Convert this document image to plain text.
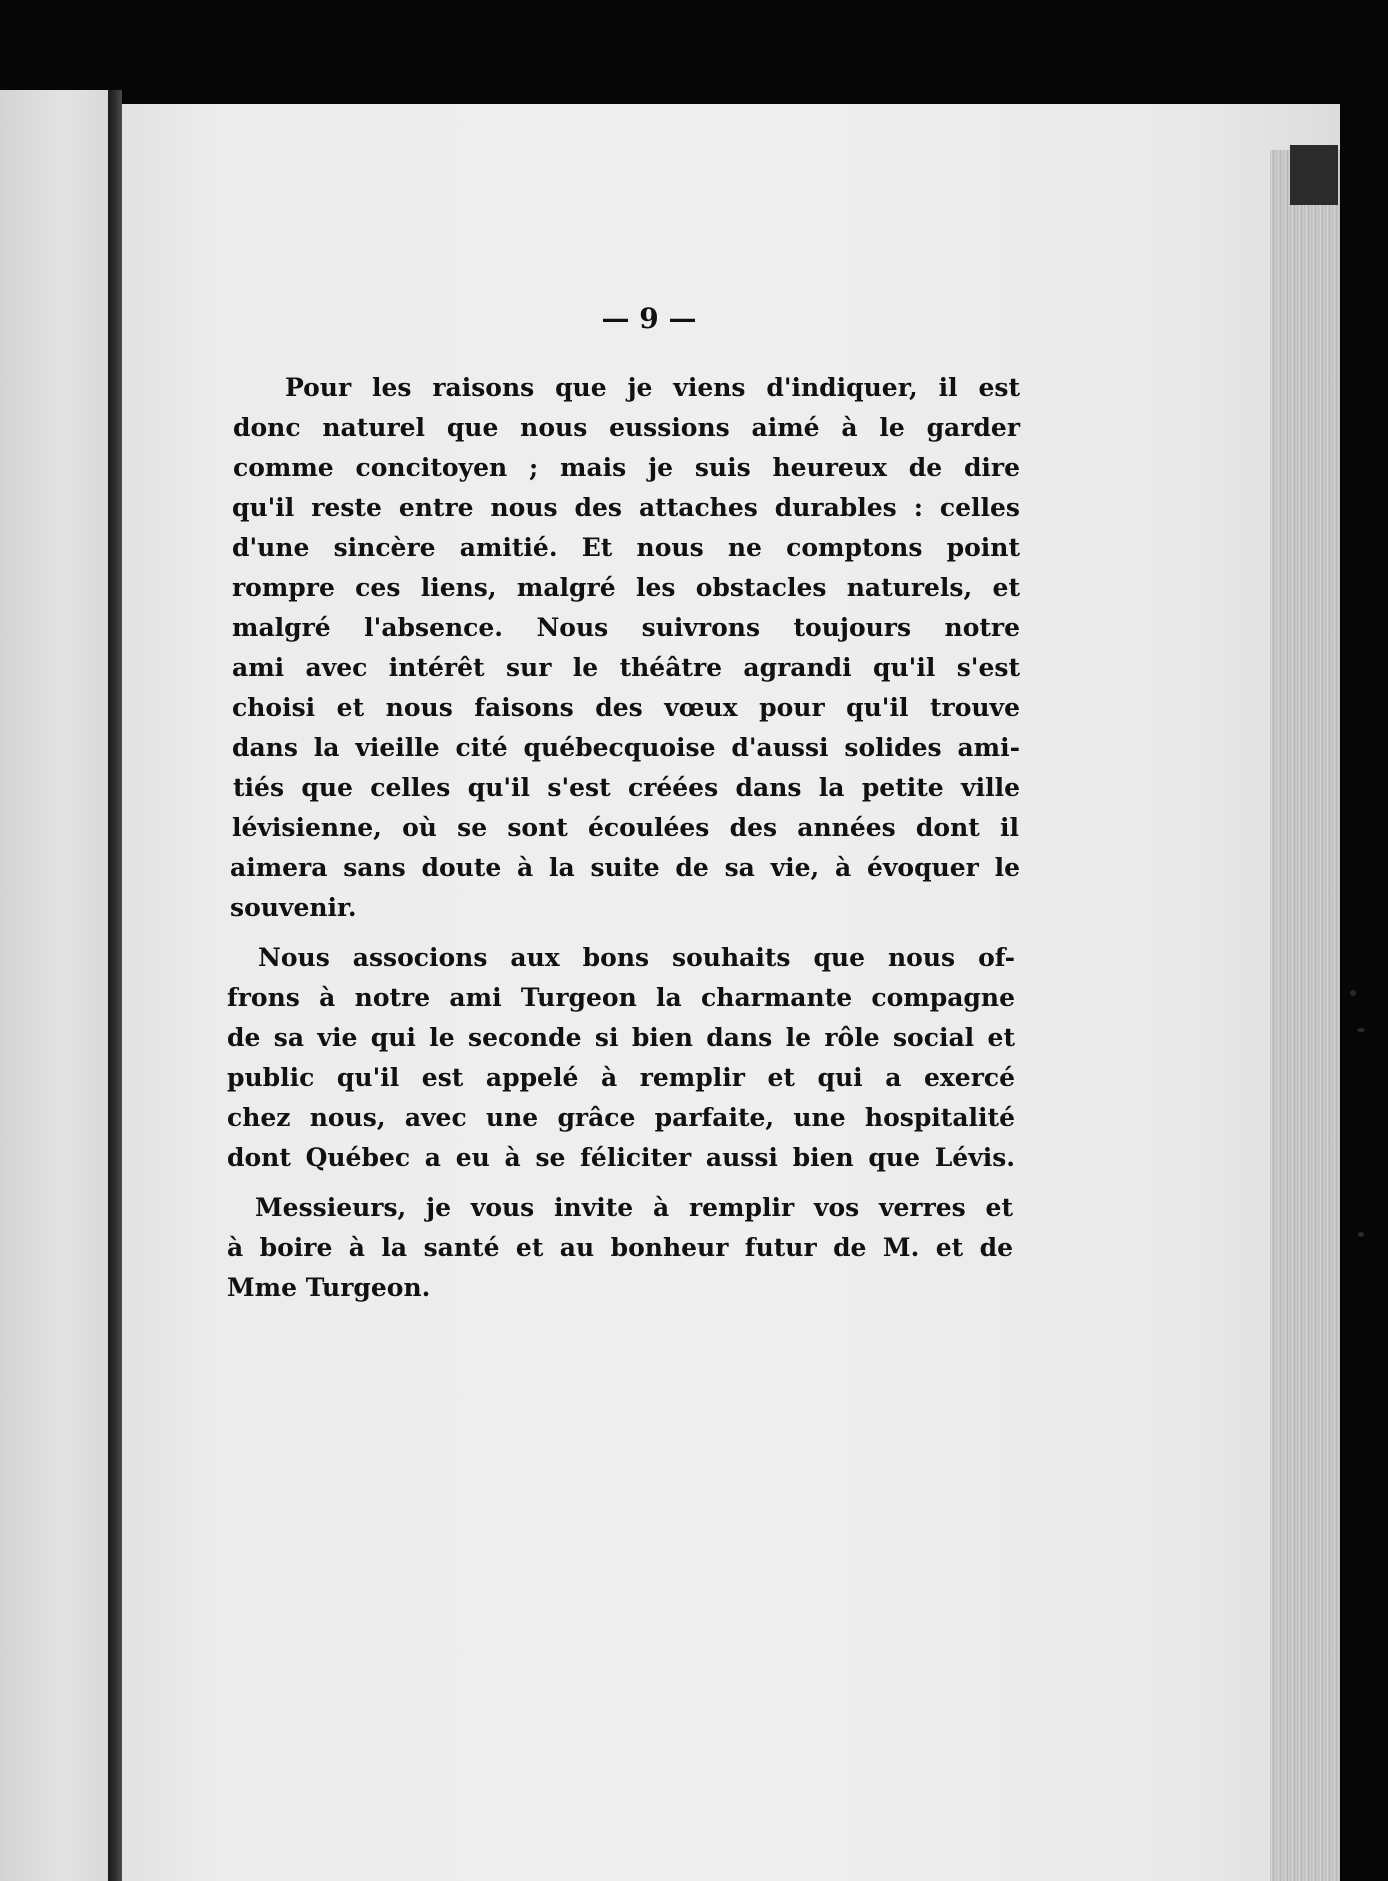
— 9 —
Pour les raisons que je viens d'indiquer, il est
donc naturel que nous eussions aimé à le garder
comme concitoyen ; mais je suis heureux de dire
qu'il reste entre nous des attaches durables : celles
d'une sincère amitié. Et nous ne comptons point
rompre ces liens, malgré les obstacles naturels, et
malgré l'absence. Nous suivrons toujours notre
ami avec intérêt sur le théâtre agrandi qu'il s'est
choisi et nous faisons des vœux pour qu'il trouve
dans la vieille cité québecquoise d'aussi solides ami-
tiés que celles qu'il s'est créées dans la petite ville
lévisienne, où se sont écoulées des années dont il
aimera sans doute à la suite de sa vie, à évoquer le
souvenir.
Nous associons aux bons souhaits que nous of-
frons à notre ami Turgeon la charmante compagne
de sa vie qui le seconde si bien dans le rôle social et
public qu'il est appelé à remplir et qui a exercé
chez nous, avec une grâce parfaite, une hospitalité
dont Québec a eu à se féliciter aussi bien que Lévis.
Messieurs, je vous invite à remplir vos verres et
à boire à la santé et au bonheur futur de M. et de
Mme Turgeon.
